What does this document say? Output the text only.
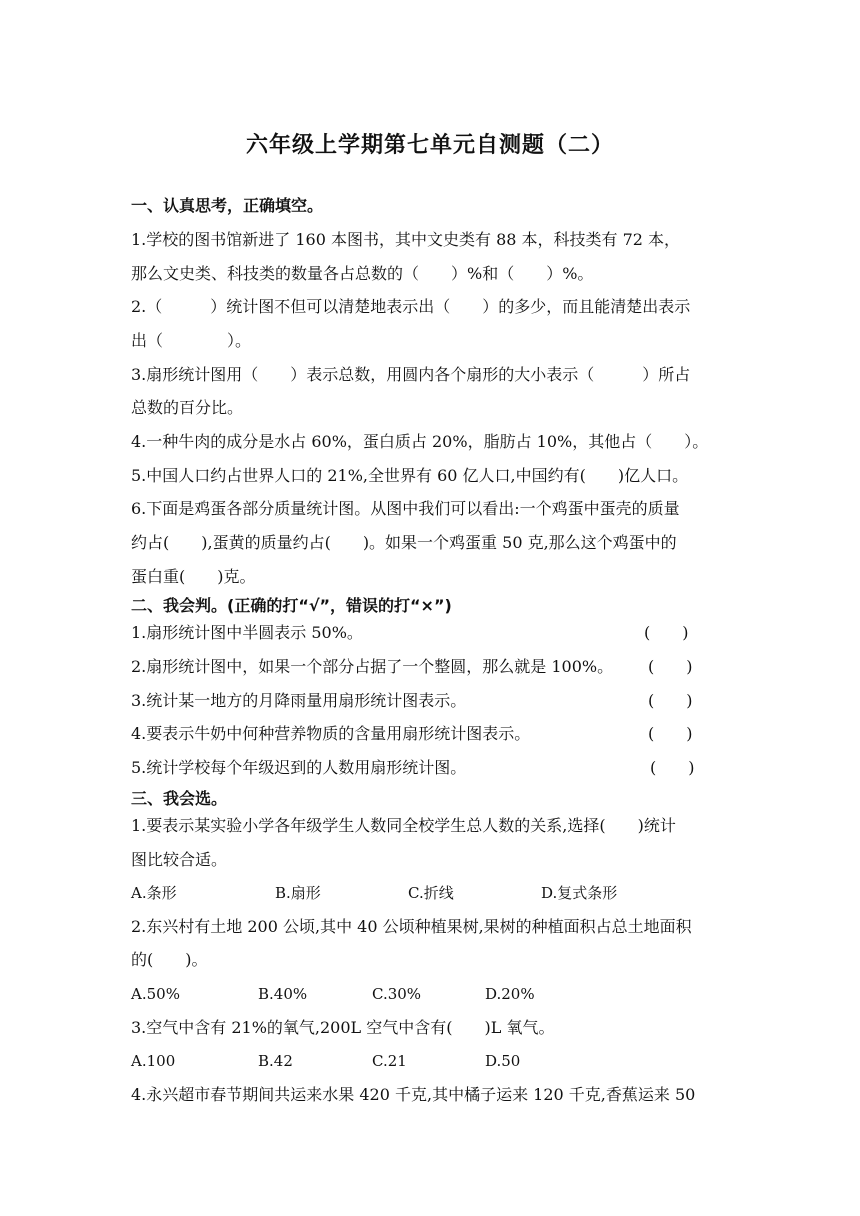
六年级上学期第七单元自测题（二）
一、认真思考，正确填空。
1.学校的图书馆新进了 160 本图书，其中文史类有 88 本，科技类有 72 本，
那么文史类、科技类的数量各占总数的（　　）%和（　　）%。
2.（　　　）统计图不但可以清楚地表示出（　　）的多少，而且能清楚出表示
出（　　　　）。
3.扇形统计图用（　　）表示总数，用圆内各个扇形的大小表示（　　　）所占
总数的百分比。
4.一种牛肉的成分是水占 60%，蛋白质占 20%，脂肪占 10%，其他占（　　）。
5.中国人口约占世界人口的 21%,全世界有 60 亿人口,中国约有(　　)亿人口。
6.下面是鸡蛋各部分质量统计图。从图中我们可以看出:一个鸡蛋中蛋壳的质量
约占(　　),蛋黄的质量约占(　　)。如果一个鸡蛋重 50 克,那么这个鸡蛋中的
蛋白重(　　)克。
二、我会判。(正确的打“√”，错误的打“×”)
1.扇形统计图中半圆表示 50%。	(　　)
2.扇形统计图中，如果一个部分占据了一个整圆，那么就是 100%。	(　　)
3.统计某一地方的月降雨量用扇形统计图表示。	(　　)
4.要表示牛奶中何种营养物质的含量用扇形统计图表示。	(　　)
5.统计学校每个年级迟到的人数用扇形统计图。	(　　)
三、我会选。
1.要表示某实验小学各年级学生人数同全校学生总人数的关系,选择(　　)统计
图比较合适。
A.条形	B.扇形	C.折线	D.复式条形
2.东兴村有土地 200 公顷,其中 40 公顷种植果树,果树的种植面积占总土地面积
的(　　)。
A.50%	B.40%	C.30%	D.20%
3.空气中含有 21%的氧气,200L 空气中含有(　　)L 氧气。
A.100	B.42	C.21	D.50
4.永兴超市春节期间共运来水果 420 千克,其中橘子运来 120 千克,香蕉运来 50
